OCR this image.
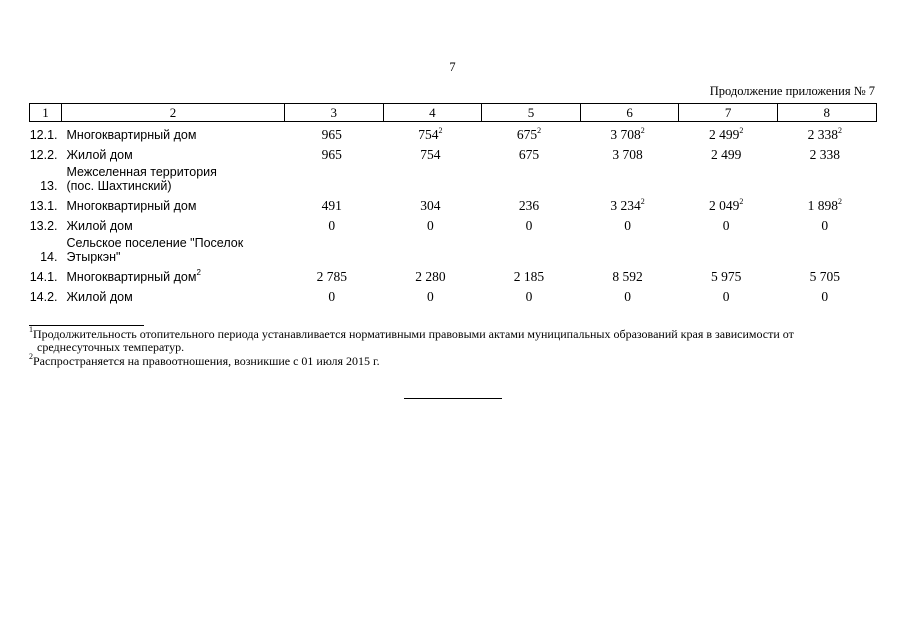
7
Продолжение приложения № 7
1	2	3	4	5	6	7	8	
12.1.	Многоквартирный дом	965	$754^2$	$675^2$	3 $708^2$	2 $499^2$	2 $338^2$
12.2.	Жилой дом	965	754	675	3 708	2 499	2 338	
13.	Межселенная территория
(пос. Шахтинский)							

13.1.	Многоквартирный дом	491	304	236	3 $234^2$	2 $049^2$	1 $898^2$
13.2.	Жилой дом	0	0	0	0	0	0	
14.	Сельское поселение "Поселок
Этыркэн"							

14.1.	Многоквартирный дом$^2$	2 785	2 280	2 185	8 592	5 975	5 705	
14.2.	Жилой дом	0	0	0	0	0	0	
$^1$Продолжительность отопительного периода устанавливается нормативными правовыми актами муниципальных образований края в зависимости от
среднесуточных температур.
$^2$Распространяется на правоотношения, возникшие с 01 июля 2015 г.
